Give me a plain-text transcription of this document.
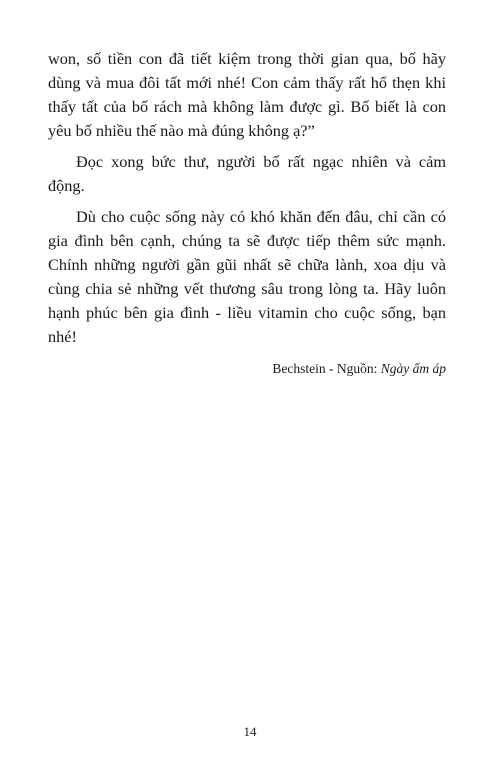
won, số tiền con đã tiết kiệm trong thời gian qua, bố hãy dùng và mua đôi tất mới nhé! Con cảm thấy rất hổ thẹn khi thấy tất của bố rách mà không làm được gì. Bố biết là con yêu bố nhiều thế nào mà đúng không ạ?”

Đọc xong bức thư, người bố rất ngạc nhiên và cảm động.

Dù cho cuộc sống này có khó khăn đến đâu, chỉ cần có gia đình bên cạnh, chúng ta sẽ được tiếp thêm sức mạnh. Chính những người gần gũi nhất sẽ chữa lành, xoa dịu và cùng chia sẻ những vết thương sâu trong lòng ta. Hãy luôn hạnh phúc bên gia đình - liều vitamin cho cuộc sống, bạn nhé!

Bechstein - Nguồn: Ngày ấm áp
14
